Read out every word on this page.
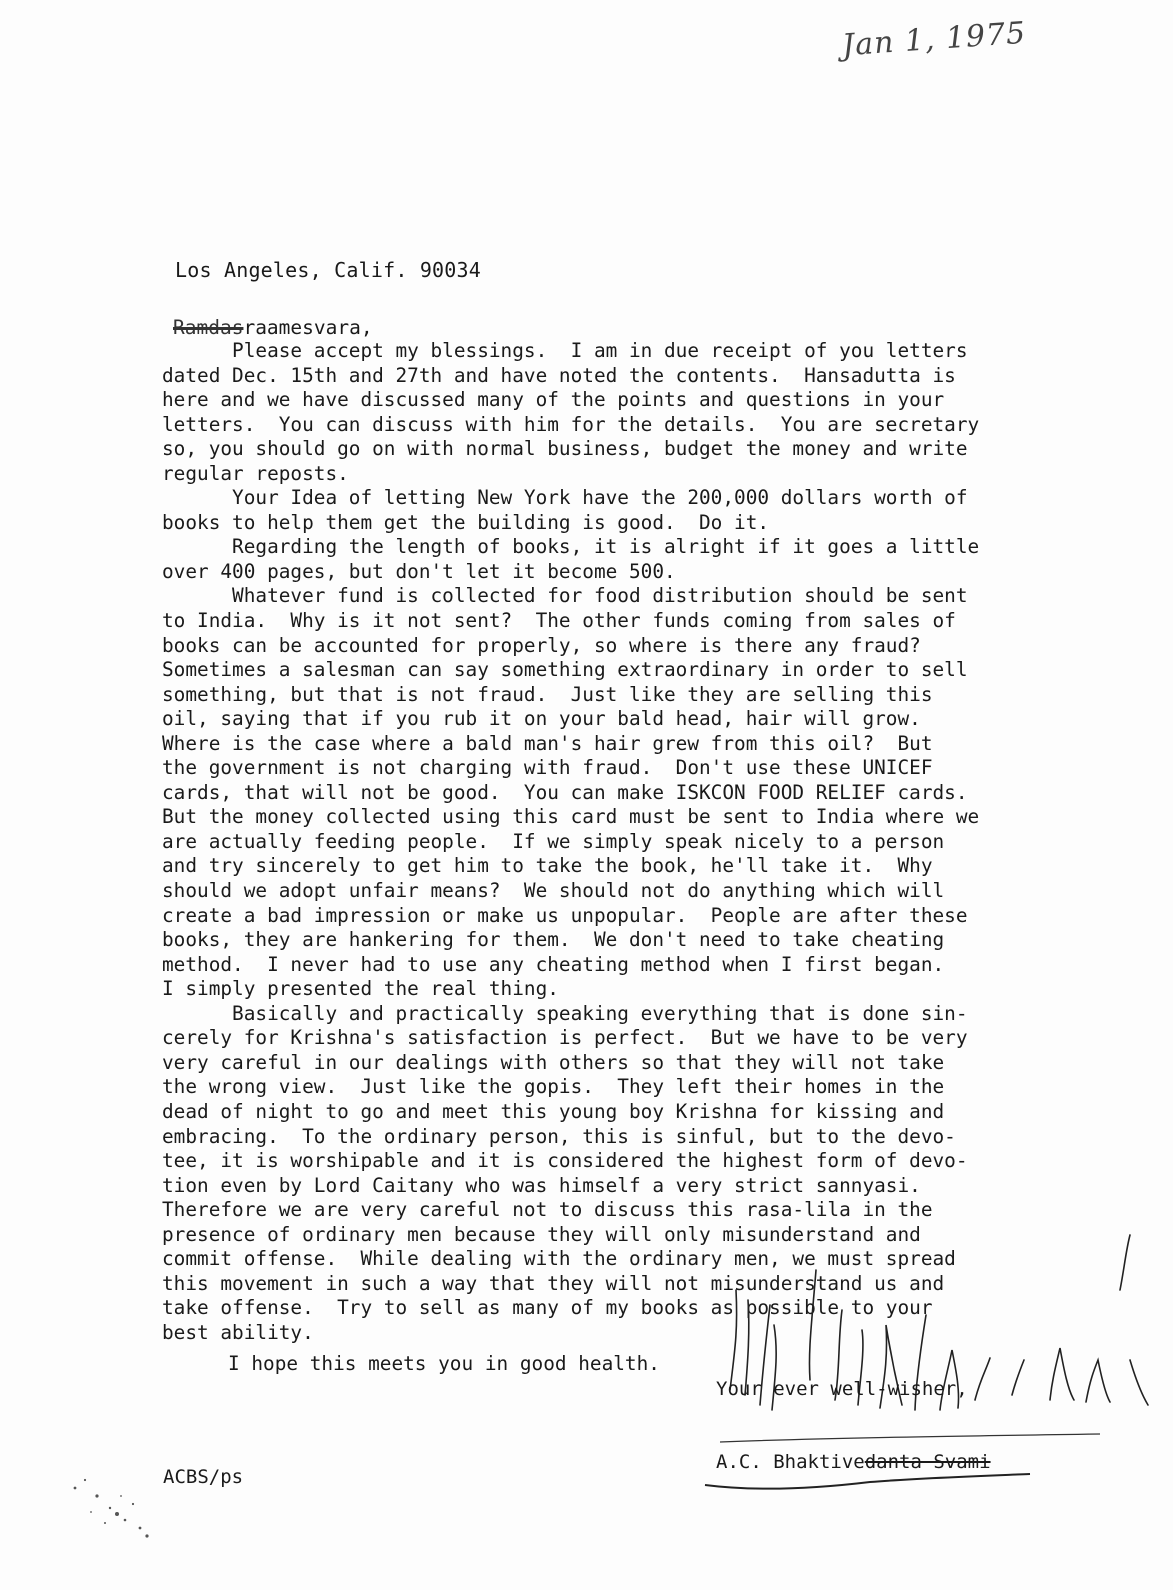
Jan 1, 1975
Los Angeles, Calif. 90034
Ramdasraamesvara,
Please accept my blessings.  I am in due receipt of you letters
dated Dec. 15th and 27th and have noted the contents.  Hansadutta is
here and we have discussed many of the points and questions in your
letters.  You can discuss with him for the details.  You are secretary
so, you should go on with normal business, budget the money and write
regular reposts.
Your Idea of letting New York have the 200,000 dollars worth of
books to help them get the building is good.  Do it.
Regarding the length of books, it is alright if it goes a little
over 400 pages, but don't let it become 500.
Whatever fund is collected for food distribution should be sent
to India.  Why is it not sent?  The other funds coming from sales of
books can be accounted for properly, so where is there any fraud?
Sometimes a salesman can say something extraordinary in order to sell
something, but that is not fraud.  Just like they are selling this
oil, saying that if you rub it on your bald head, hair will grow.
Where is the case where a bald man's hair grew from this oil?  But
the government is not charging with fraud.  Don't use these UNICEF
cards, that will not be good.  You can make ISKCON FOOD RELIEF cards.
But the money collected using this card must be sent to India where we
are actually feeding people.  If we simply speak nicely to a person
and try sincerely to get him to take the book, he'll take it.  Why
should we adopt unfair means?  We should not do anything which will
create a bad impression or make us unpopular.  People are after these
books, they are hankering for them.  We don't need to take cheating
method.  I never had to use any cheating method when I first began.
I simply presented the real thing.
Basically and practically speaking everything that is done sin-
cerely for Krishna's satisfaction is perfect.  But we have to be very
very careful in our dealings with others so that they will not take
the wrong view.  Just like the gopis.  They left their homes in the
dead of night to go and meet this young boy Krishna for kissing and
embracing.  To the ordinary person, this is sinful, but to the devo-
tee, it is worshipable and it is considered the highest form of devo-
tion even by Lord Caitany who was himself a very strict sannyasi.
Therefore we are very careful not to discuss this rasa-lila in the
presence of ordinary men because they will only misunderstand and
commit offense.  While dealing with the ordinary men, we must spread
this movement in such a way that they will not misunderstand us and
take offense.  Try to sell as many of my books as possible to your
best ability.
I hope this meets you in good health.
Your ever well-wisher,
A.C. Bhaktivedanta Svami
ACBS/ps
